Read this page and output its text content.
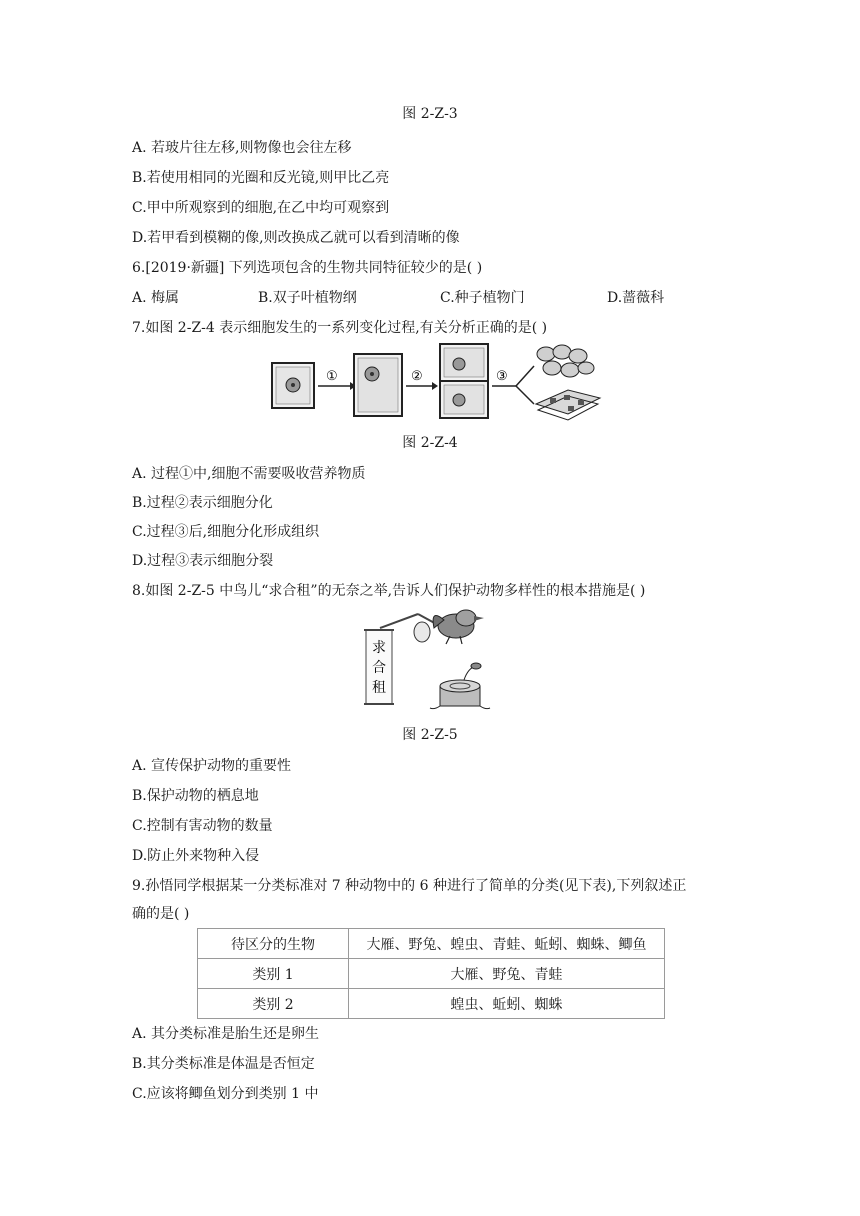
图 2-Z-3
A. 若玻片往左移,则物像也会往左移
B.若使用相同的光圈和反光镜,则甲比乙亮
C.甲中所观察到的细胞,在乙中均可观察到
D.若甲看到模糊的像,则改换成乙就可以看到清晰的像
6.[2019·新疆] 下列选项包含的生物共同特征较少的是( )
A. 梅属	B.双子叶植物纲	C.种子植物门	D.蔷薇科
7.如图 2-Z-4 表示细胞发生的一系列变化过程,有关分析正确的是( )
①	②	③
图 2-Z-4
A. 过程①中,细胞不需要吸收营养物质
B.过程②表示细胞分化
C.过程③后,细胞分化形成组织
D.过程③表示细胞分裂
8.如图 2-Z-5 中鸟儿“求合租”的无奈之举,告诉人们保护动物多样性的根本措施是( )
求
合
租
图 2-Z-5
A. 宣传保护动物的重要性
B.保护动物的栖息地
C.控制有害动物的数量
D.防止外来物种入侵
9.孙悟同学根据某一分类标准对 7 种动物中的 6 种进行了简单的分类(见下表),下列叙述正
确的是( )
待区分的生物	大雁、野兔、蝗虫、青蛙、蚯蚓、蜘蛛、鲫鱼
类别 1	大雁、野兔、青蛙
类别 2	蝗虫、蚯蚓、蜘蛛
A. 其分类标准是胎生还是卵生
B.其分类标准是体温是否恒定
C.应该将鲫鱼划分到类别 1 中
